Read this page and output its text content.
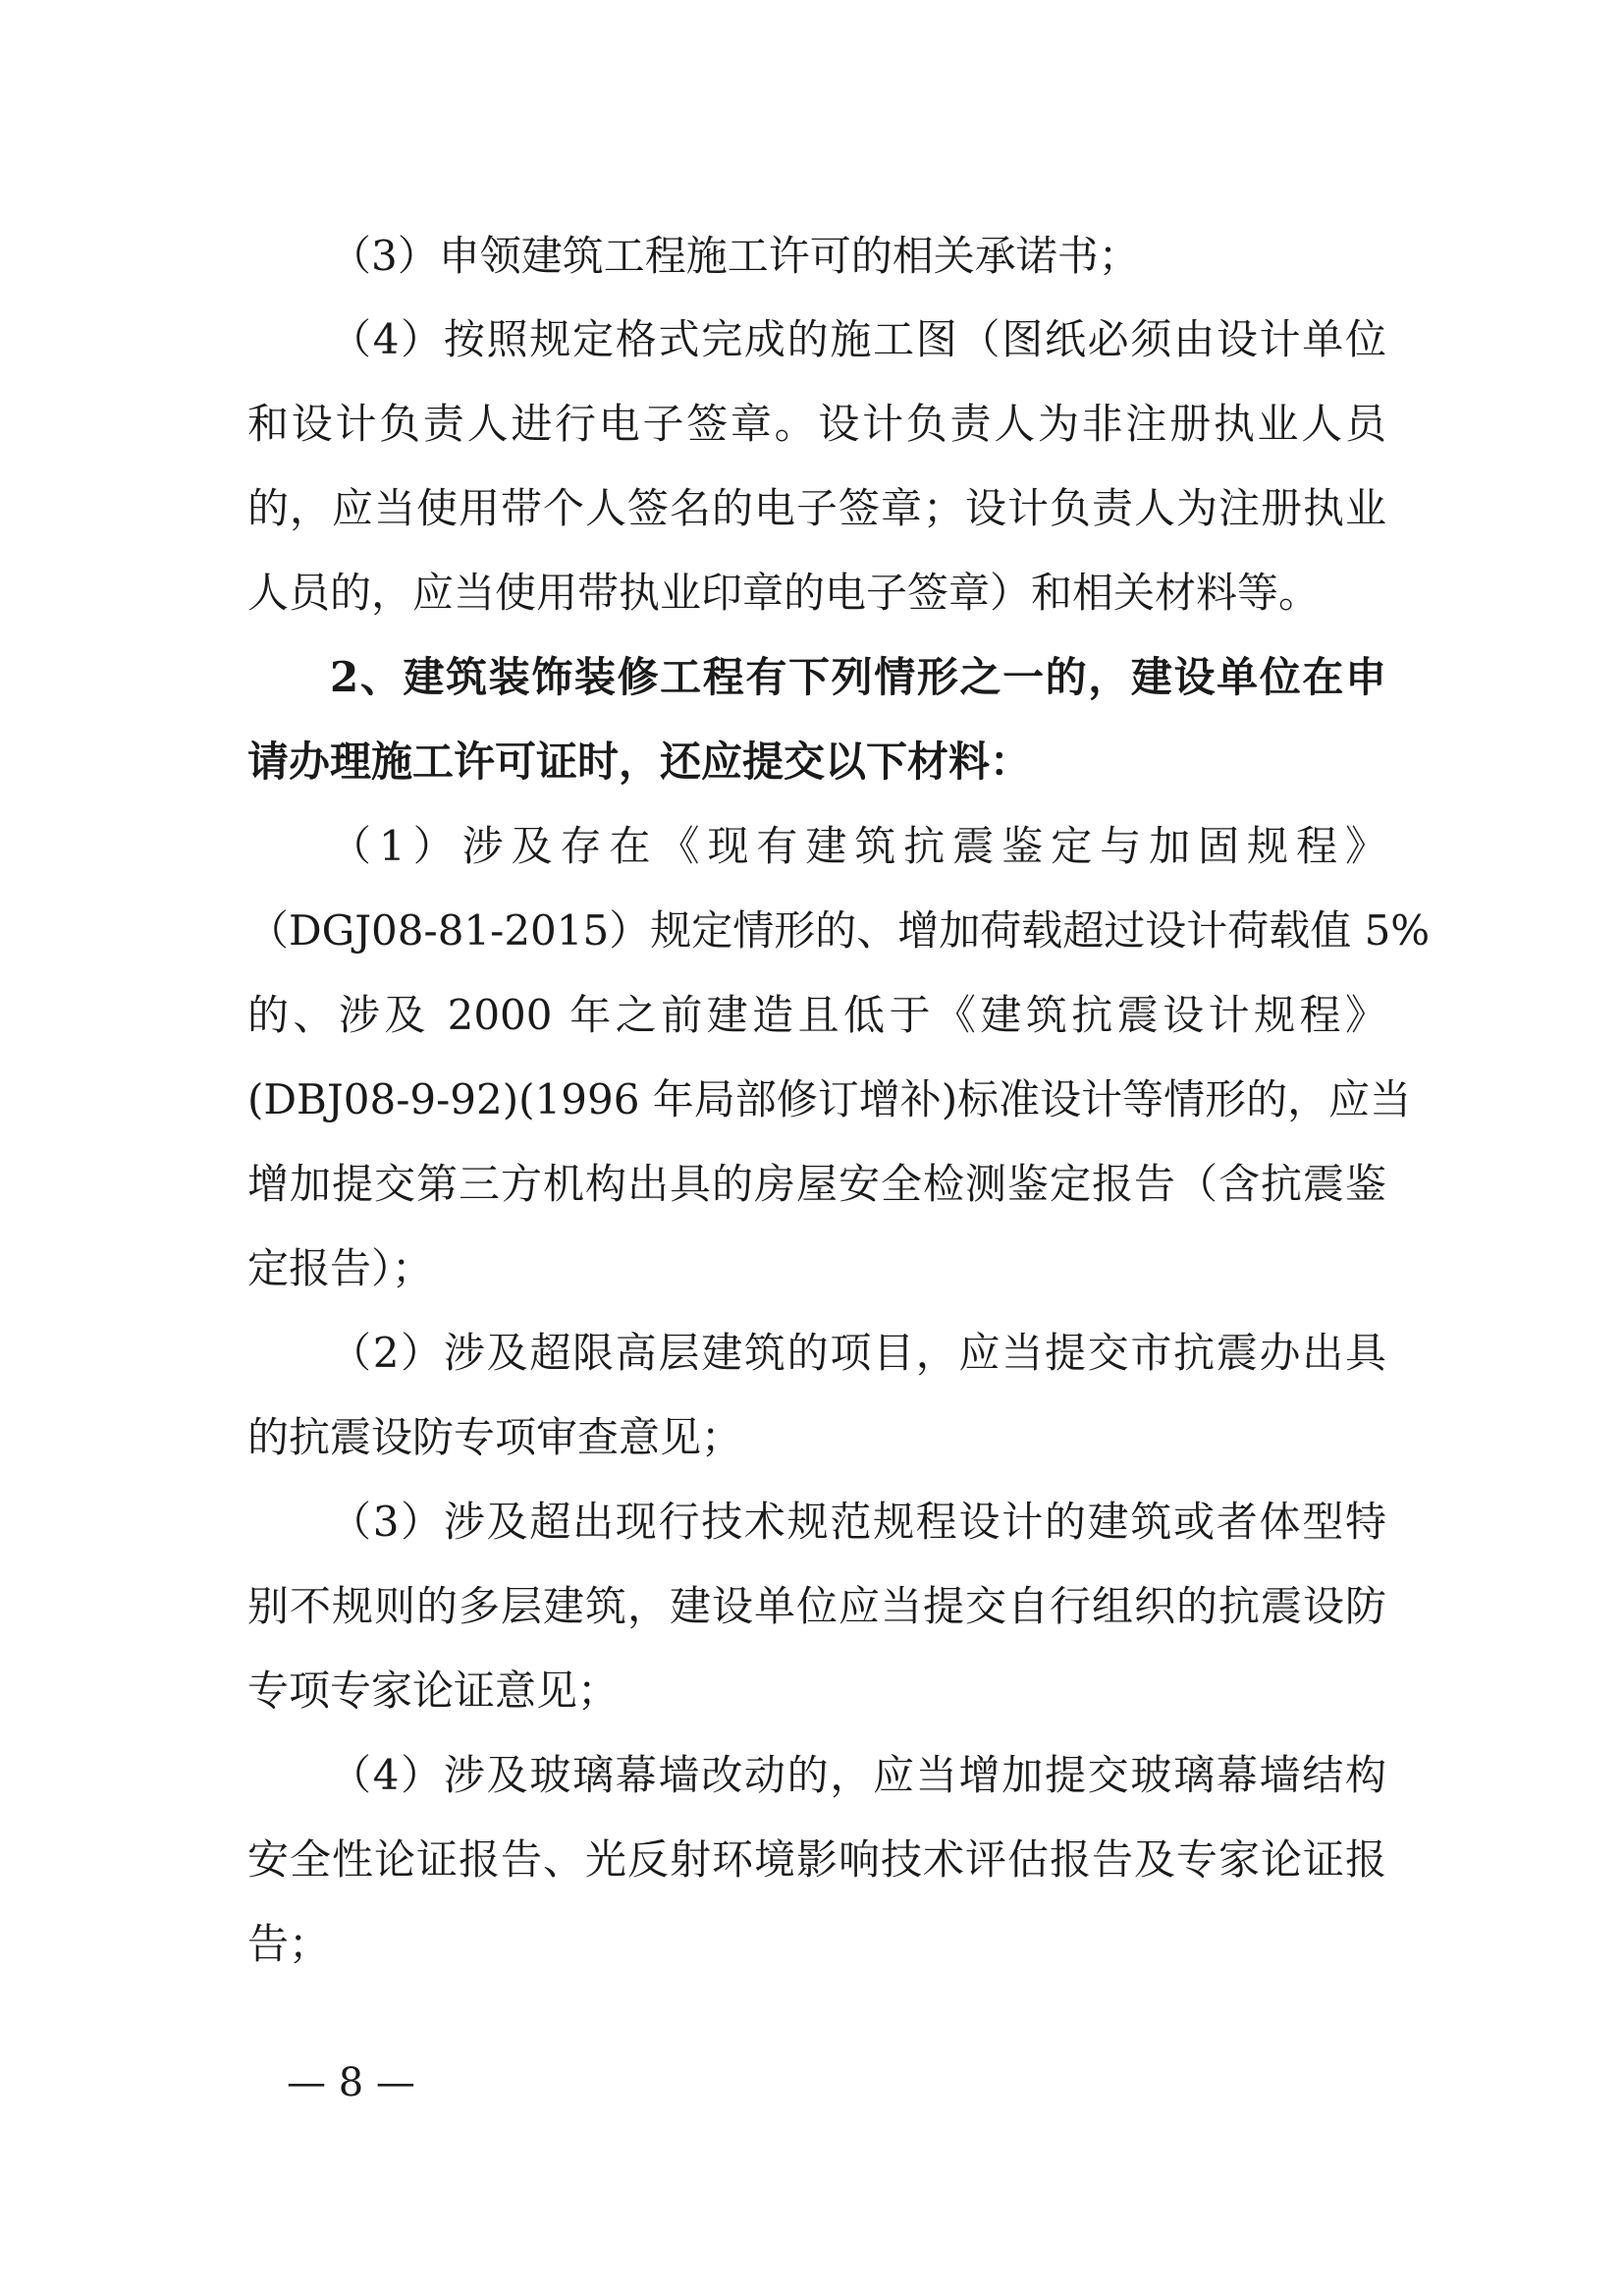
（3）申领建筑工程施工许可的相关承诺书；
（4）按照规定格式完成的施工图（图纸必须由设计单位
和设计负责人进行电子签章。设计负责人为非注册执业人员
的，应当使用带个人签名的电子签章；设计负责人为注册执业
人员的，应当使用带执业印章的电子签章）和相关材料等。
2、建筑装饰装修工程有下列情形之一的，建设单位在申
请办理施工许可证时，还应提交以下材料：
（1）涉及存在《现有建筑抗震鉴定与加固规程》
（DGJ08-81-2015）规定情形的、增加荷载超过设计荷载值 5%
的、涉及 2000 年之前建造且低于《建筑抗震设计规程》
(DBJ08-9-92)(1996 年局部修订增补)标准设计等情形的，应当
增加提交第三方机构出具的房屋安全检测鉴定报告（含抗震鉴
定报告）；
（2）涉及超限高层建筑的项目，应当提交市抗震办出具
的抗震设防专项审查意见；
（3）涉及超出现行技术规范规程设计的建筑或者体型特
别不规则的多层建筑，建设单位应当提交自行组织的抗震设防
专项专家论证意见；
（4）涉及玻璃幕墙改动的，应当增加提交玻璃幕墙结构
安全性论证报告、光反射环境影响技术评估报告及专家论证报
告；
— 8 —
